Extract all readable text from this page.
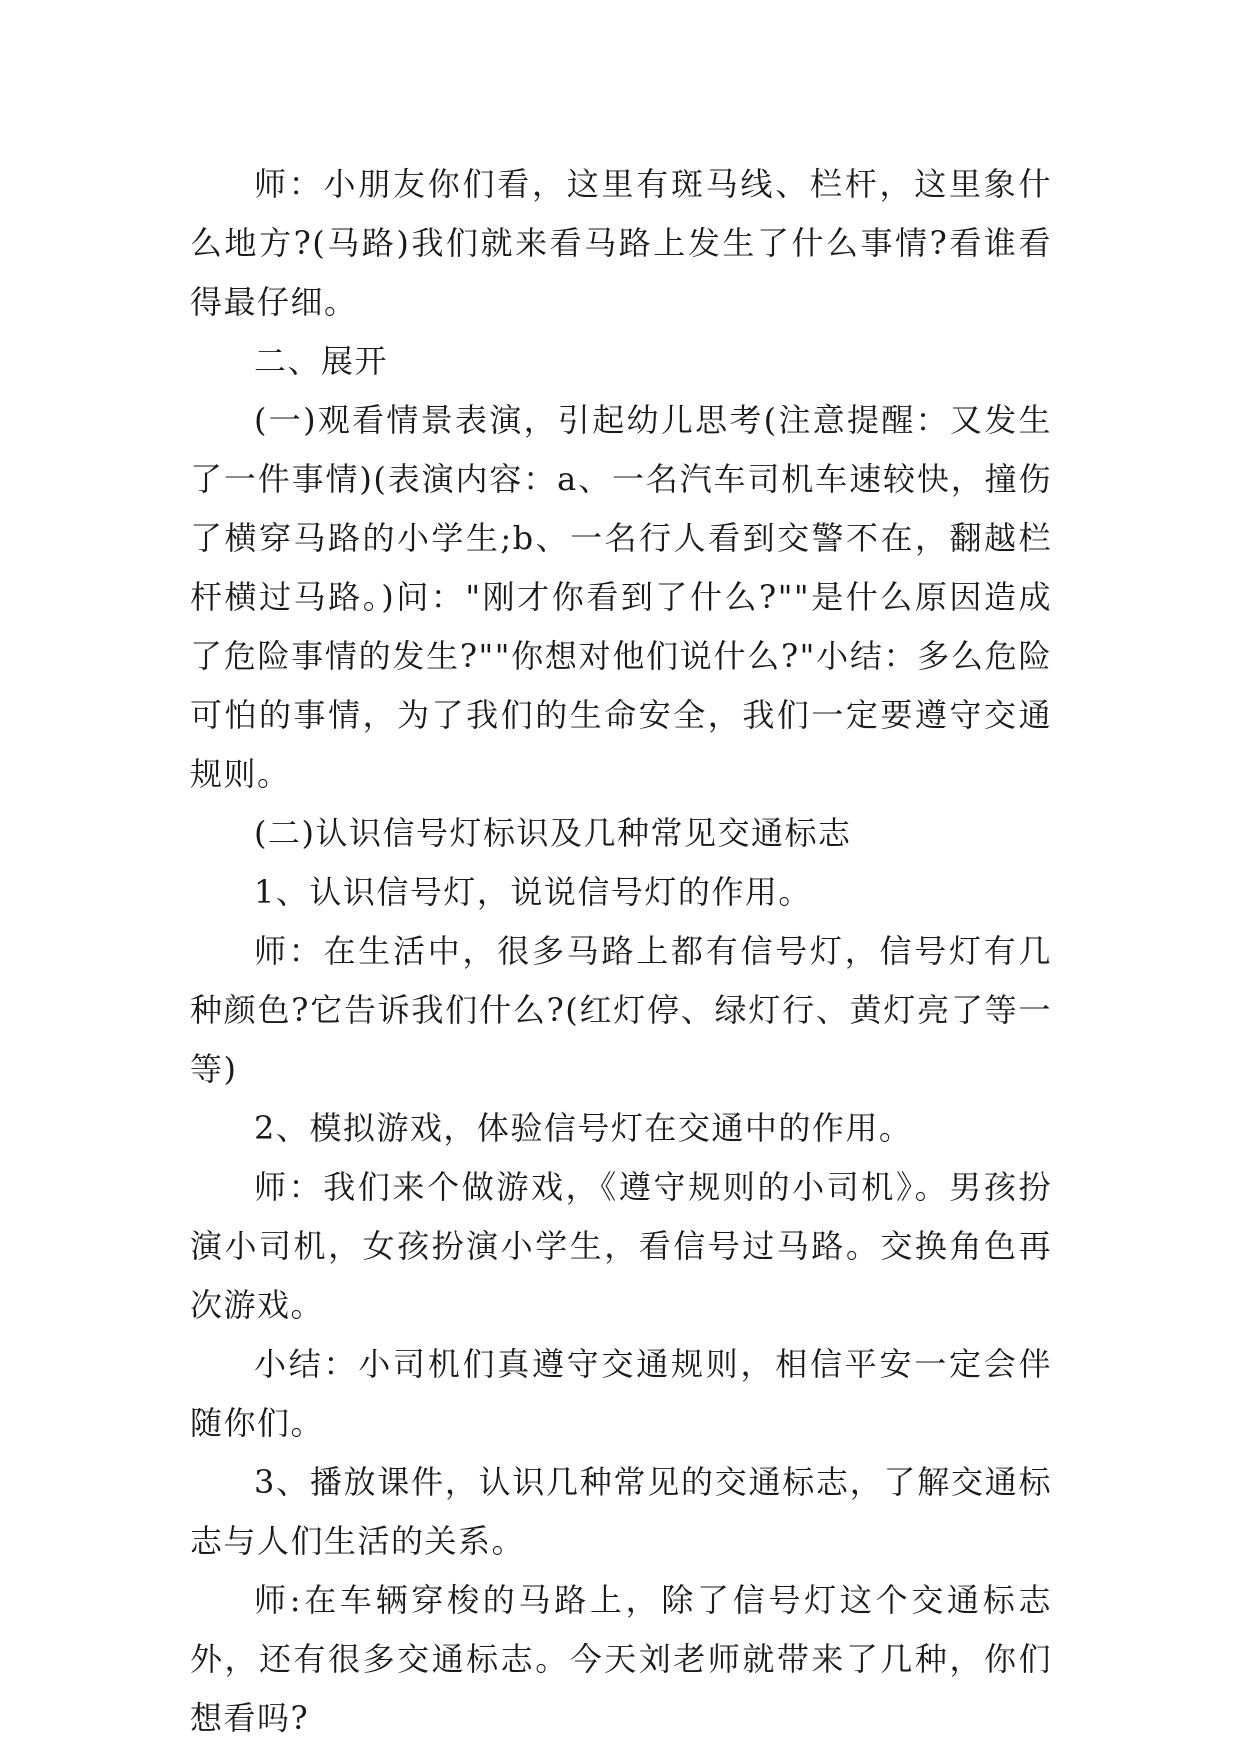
师：小朋友你们看，这里有斑马线、栏杆，这里象什么地方?(马路)我们就来看马路上发生了什么事情?看谁看得最仔细。

二、展开

(一)观看情景表演，引起幼儿思考(注意提醒：又发生了一件事情)(表演内容：a、一名汽车司机车速较快，撞伤了横穿马路的小学生;b、一名行人看到交警不在，翻越栏杆横过马路。)问："刚才你看到了什么?""是什么原因造成了危险事情的发生?""你想对他们说什么?"小结：多么危险可怕的事情，为了我们的生命安全，我们一定要遵守交通规则。

(二)认识信号灯标识及几种常见交通标志

1、认识信号灯，说说信号灯的作用。

师：在生活中，很多马路上都有信号灯，信号灯有几种颜色?它告诉我们什么?(红灯停、绿灯行、黄灯亮了等一等)

2、模拟游戏，体验信号灯在交通中的作用。

师：我们来个做游戏，《遵守规则的小司机》。男孩扮演小司机，女孩扮演小学生，看信号过马路。交换角色再次游戏。

小结：小司机们真遵守交通规则，相信平安一定会伴随你们。

3、播放课件，认识几种常见的交通标志，了解交通标志与人们生活的关系。

师:在车辆穿梭的马路上，除了信号灯这个交通标志外，还有很多交通标志。今天刘老师就带来了几种，你们想看吗?
